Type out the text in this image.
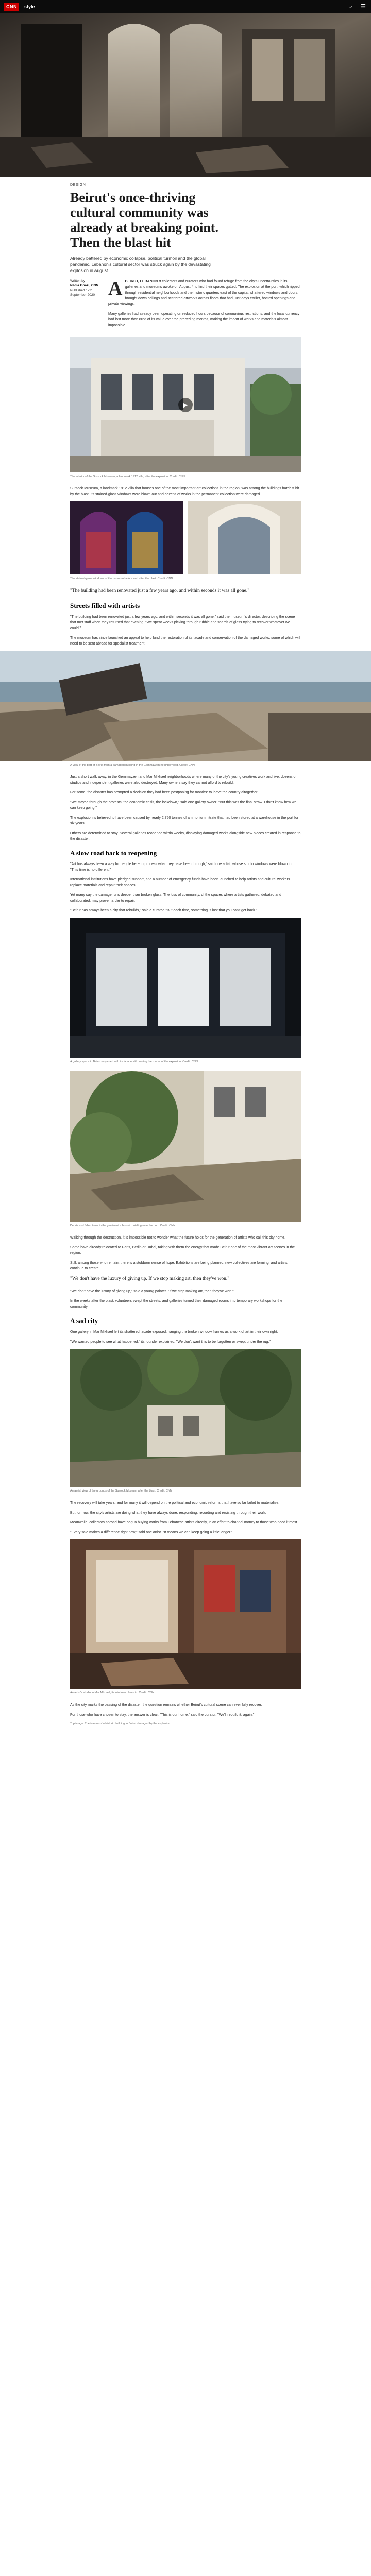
CNN	style	⌕	☰
DESIGN
Beirut's once-thriving cultural community was already at breaking point. Then the blast hit
Already battered by economic collapse, political turmoil and the global pandemic, Lebanon's cultural sector was struck again by the devastating explosion in August.
Written by
Nadia Ghazi, CNN
Published 17th September 2020 ABEIRUT, LEBANON rt collectors and curators who had found refuge from the city's uncertainties in its galleries and museums awoke on August 4 to find their spaces gutted. The explosion at the port, which ripped through residential neighborhoods and the historic quarters east of the capital, shattered windows and doors, brought down ceilings and scattered artworks across floors that had, just days earlier, hosted openings and private viewings.

Many galleries had already been operating on reduced hours because of coronavirus restrictions, and the local currency had lost more than 80% of its value over the preceding months, making the import of works and materials almost impossible.

▶
The interior of the Sursock Museum, a landmark 1912 villa, after the explosion. Credit: CNN

Sursock Museum, a landmark 1912 villa that houses one of the most important art collections in the region, was among the buildings hardest hit by the blast. Its stained-glass windows were blown out and dozens of works in the permanent collection were damaged.

The stained-glass windows of the museum before and after the blast. Credit: CNN
"The building had been renovated just a few years ago, and within seconds it was all gone."
Streets filled with artists

"The building had been renovated just a few years ago, and within seconds it was all gone," said the museum's director, describing the scene that met staff when they returned that evening. "We spent weeks picking through rubble and shards of glass trying to recover whatever we could."

The museum has since launched an appeal to help fund the restoration of its facade and conservation of the damaged works, some of which will need to be sent abroad for specialist treatment.

A view of the port of Beirut from a damaged building in the Gemmayzeh neighborhood. Credit: CNN

Just a short walk away, in the Gemmayzeh and Mar Mikhael neighborhoods where many of the city's young creatives work and live, dozens of studios and independent galleries were also destroyed. Many owners say they cannot afford to rebuild.

For some, the disaster has prompted a decision they had been postponing for months: to leave the country altogether.

"We stayed through the protests, the economic crisis, the lockdown," said one gallery owner. "But this was the final straw. I don't know how we can keep going."

The explosion is believed to have been caused by nearly 2,750 tonnes of ammonium nitrate that had been stored at a warehouse in the port for six years.

Others are determined to stay. Several galleries reopened within weeks, displaying damaged works alongside new pieces created in response to the disaster.

A slow road back to reopening

"Art has always been a way for people here to process what they have been through," said one artist, whose studio windows were blown in. "This time is no different."

International institutions have pledged support, and a number of emergency funds have been launched to help artists and cultural workers replace materials and repair their spaces.

Yet many say the damage runs deeper than broken glass. The loss of community, of the spaces where artists gathered, debated and collaborated, may prove harder to repair.

"Beirut has always been a city that rebuilds," said a curator. "But each time, something is lost that you can't get back."

A gallery space in Beirut reopened with its facade still bearing the marks of the explosion. Credit: CNN
Debris and fallen trees in the garden of a historic building near the port. Credit: CNN

Walking through the destruction, it is impossible not to wonder what the future holds for the generation of artists who call this city home.

Some have already relocated to Paris, Berlin or Dubai, taking with them the energy that made Beirut one of the most vibrant art scenes in the region.

Still, among those who remain, there is a stubborn sense of hope. Exhibitions are being planned, new collectives are forming, and artists continue to create.

"We don't have the luxury of giving up. If we stop making art, then they've won."

"We don't have the luxury of giving up," said a young painter. "If we stop making art, then they've won."

In the weeks after the blast, volunteers swept the streets, and galleries turned their damaged rooms into temporary workshops for the community.

A sad city

One gallery in Mar Mikhael left its shattered facade exposed, hanging the broken window frames as a work of art in their own right.

"We wanted people to see what happened," its founder explained. "We don't want this to be forgotten or swept under the rug."

An aerial view of the grounds of the Sursock Museum after the blast. Credit: CNN

The recovery will take years, and for many it will depend on the political and economic reforms that have so far failed to materialise.

But for now, the city's artists are doing what they have always done: responding, recording and resisting through their work.

Meanwhile, collectors abroad have begun buying works from Lebanese artists directly, in an effort to channel money to those who need it most.

"Every sale makes a difference right now," said one artist. "It means we can keep going a little longer."

An artist's studio in Mar Mikhael, its windows blown in. Credit: CNN

As the city marks the passing of the disaster, the question remains whether Beirut's cultural scene can ever fully recover.

For those who have chosen to stay, the answer is clear. "This is our home," said the curator. "We'll rebuild it, again."

Top image: The interior of a historic building in Beirut damaged by the explosion.
